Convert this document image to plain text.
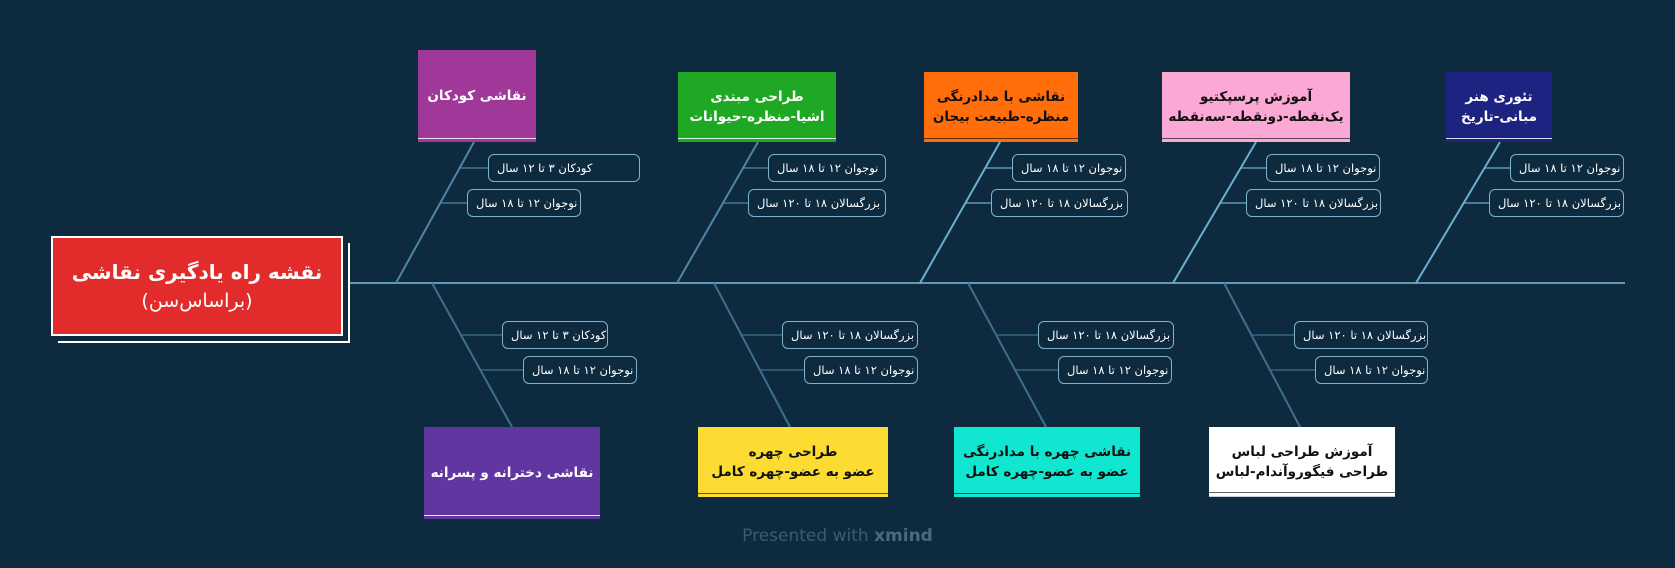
نقشه راه یادگیری نقاشی
(براساس‌سن)
کودکان ۳ تا ۱۲ سال
نوجوان ۱۲ تا ۱۸ سال
نقاشی کودکان
نوجوان ۱۲ تا ۱۸ سال
بزرگسالان ۱۸ تا ۱۲۰ سال
طراحی مبتدی
اشیا-منظره-حیوانات
نوجوان ۱۲ تا ۱۸ سال
بزرگسالان ۱۸ تا ۱۲۰ سال
نقاشی با مدادرنگی
منظره-طبیعت بیجان
نوجوان ۱۲ تا ۱۸ سال
بزرگسالان ۱۸ تا ۱۲۰ سال
آموزش پرسپکتیو
یک‌نقطه-دونقطه-سه‌نقطه
نوجوان ۱۲ تا ۱۸ سال
بزرگسالان ۱۸ تا ۱۲۰ سال
تئوری هنر
مبانی-تاریخ
کودکان ۳ تا ۱۲ سال
نوجوان ۱۲ تا ۱۸ سال
نقاشی دخترانه و پسرانه
بزرگسالان ۱۸ تا ۱۲۰ سال
نوجوان ۱۲ تا ۱۸ سال
طراحی چهره
عضو به عضو-چهره کامل
بزرگسالان ۱۸ تا ۱۲۰ سال
نوجوان ۱۲ تا ۱۸ سال
نقاشی چهره با مدادرنگی
عضو به عضو-چهره کامل
بزرگسالان ۱۸ تا ۱۲۰ سال
نوجوان ۱۲ تا ۱۸ سال
آموزش طراحی لباس
طراحی فیگوروآندام-لباس
Presented with xmind
